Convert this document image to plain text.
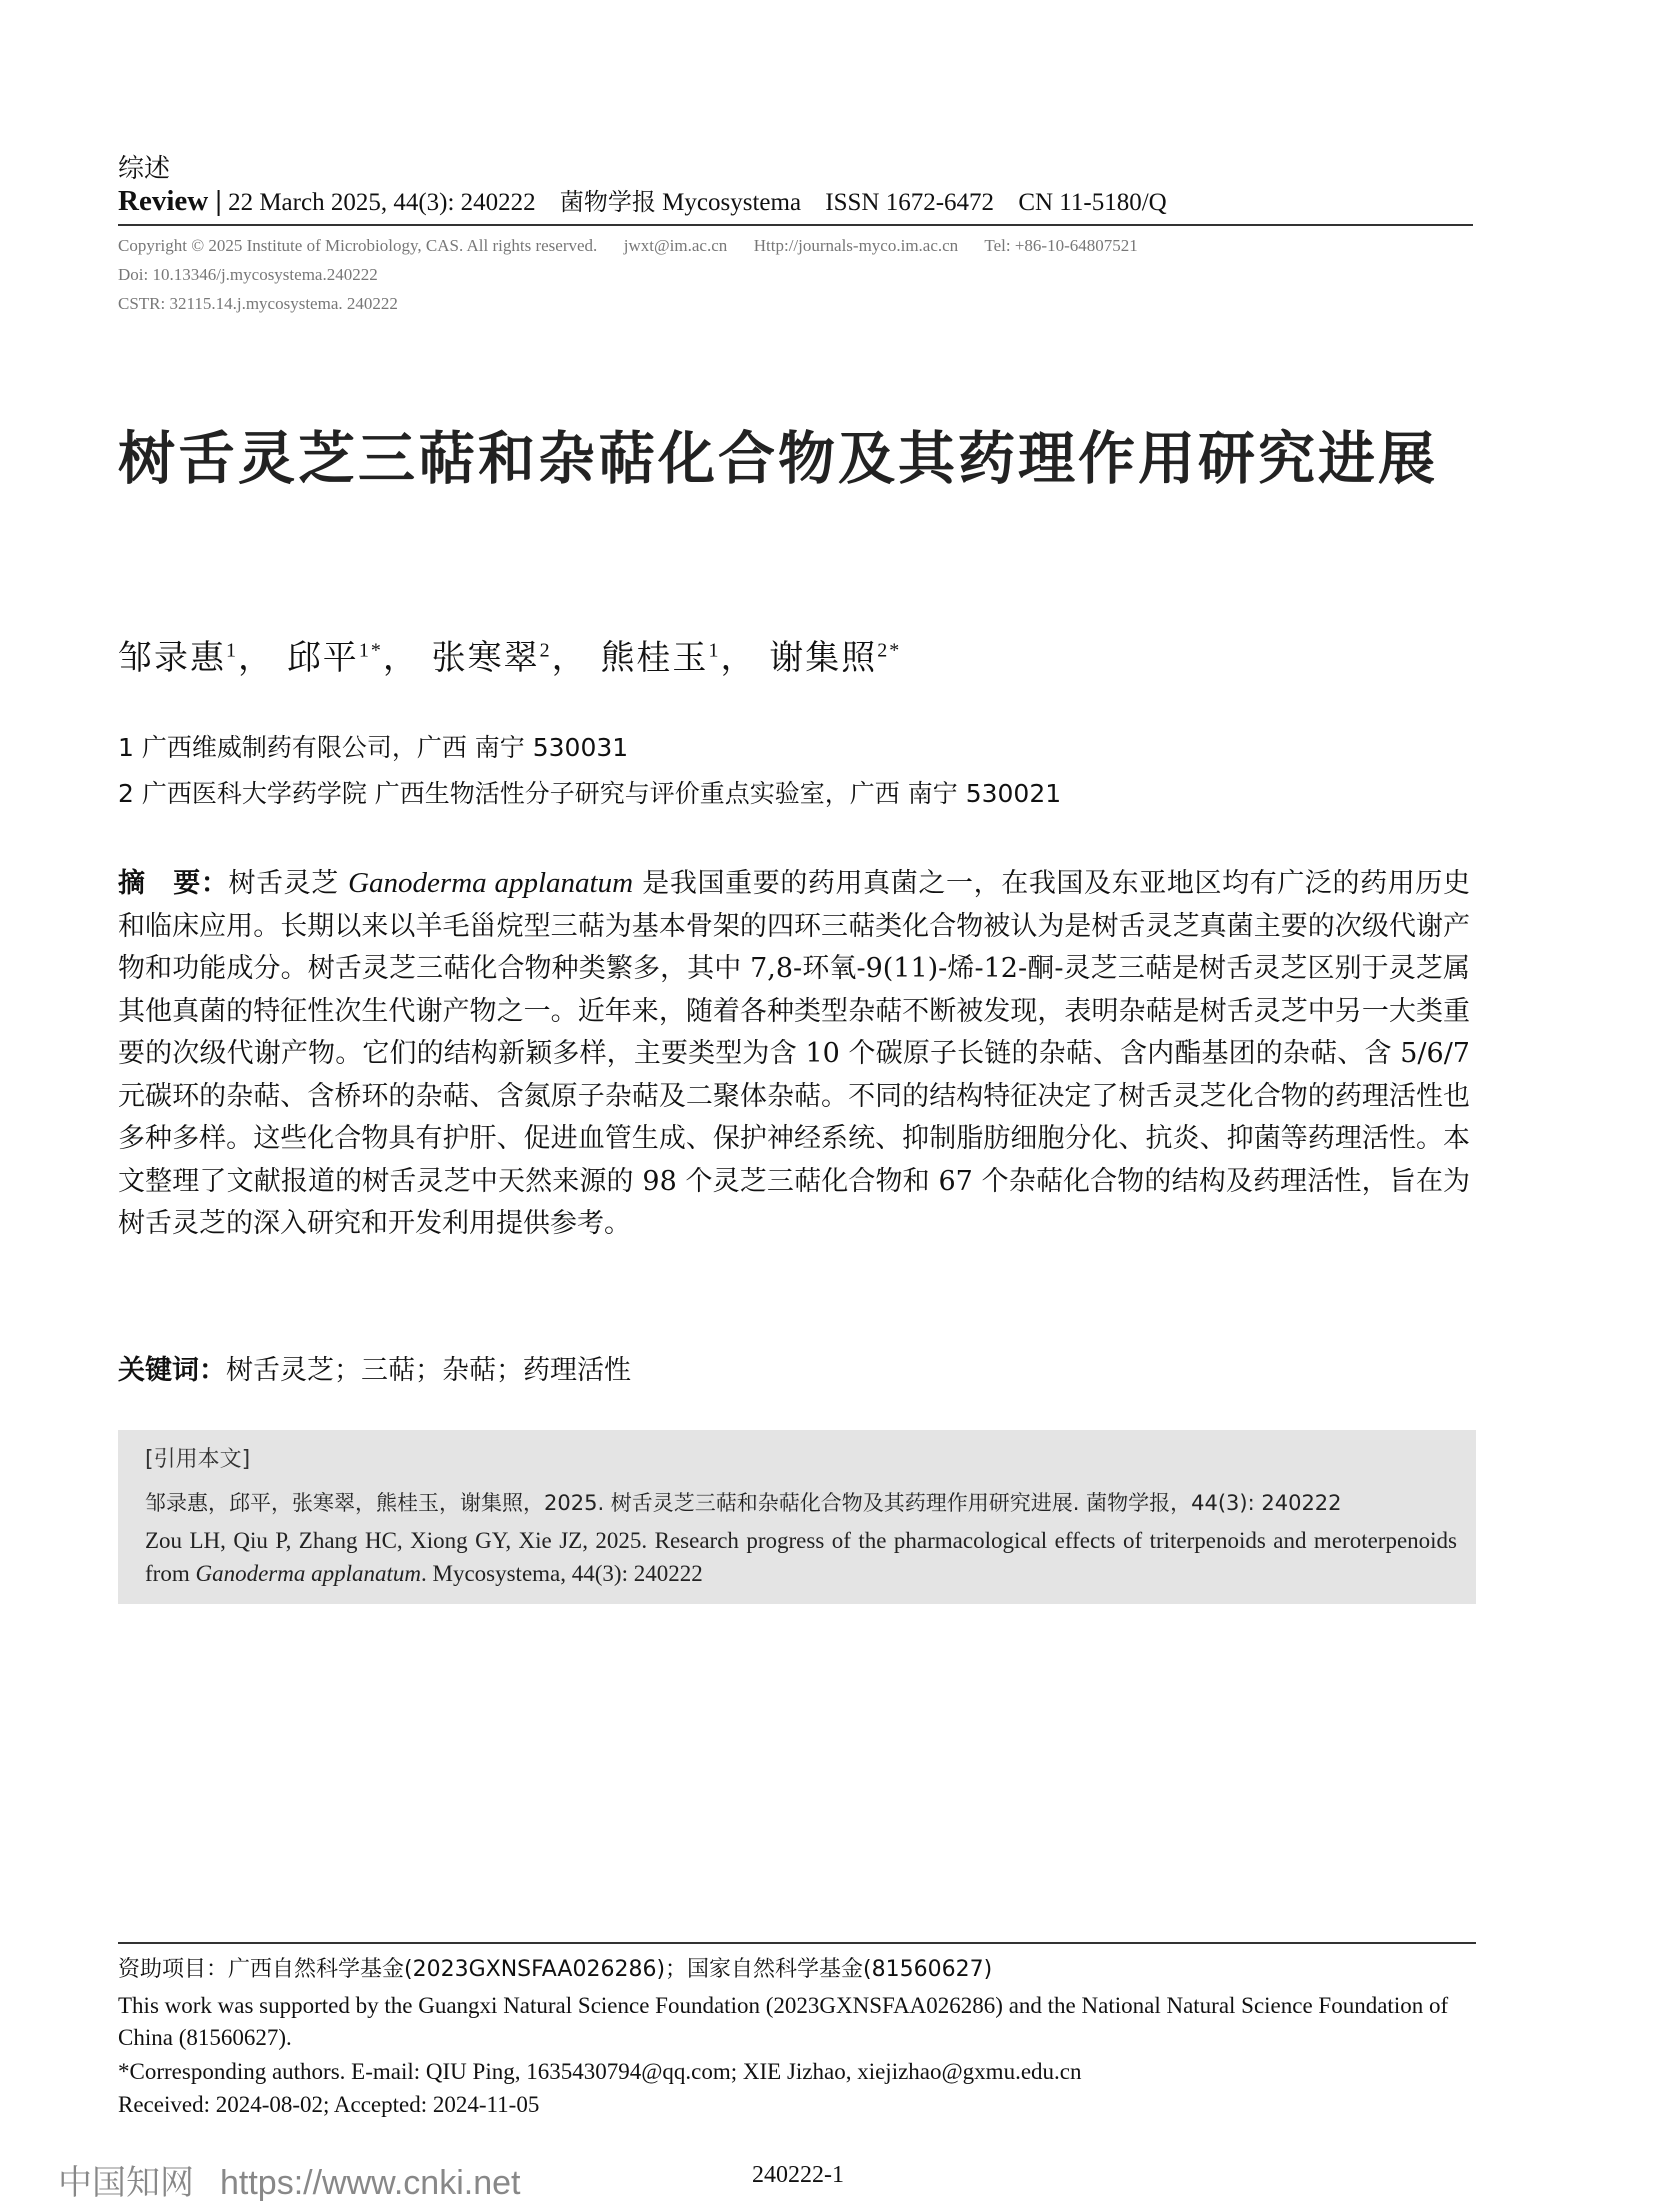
综述
Review | 22 March 2025, 44(3): 240222 菌物学报 Mycosystema ISSN 1672-6472 CN 11-5180/Q
Copyright © 2025 Institute of Microbiology, CAS. All rights reserved. jwxt@im.ac.cn Http://journals-myco.im.ac.cn Tel: +86-10-64807521
Doi: 10.13346/j.mycosystema.240222
CSTR: 32115.14.j.mycosystema. 240222
树舌灵芝三萜和杂萜化合物及其药理作用研究进展
邹录惠$^1$， 邱平$^{1*}$， 张寒翠$^2$， 熊桂玉$^1$， 谢集照$^{2*}$
1 广西维威制药有限公司，广西 南宁 530031
2 广西医科大学药学院 广西生物活性分子研究与评价重点实验室，广西 南宁 530021
摘　要：树舌灵芝 Ganoderma applanatum 是我国重要的药用真菌之一，在我国及东亚地区均有广泛的药用历史和临床应用。长期以来以羊毛甾烷型三萜为基本骨架的四环三萜类化合物被认为是树舌灵芝真菌主要的次级代谢产物和功能成分。树舌灵芝三萜化合物种类繁多，其中 7,8-环氧-9(11)-烯-12-酮-灵芝三萜是树舌灵芝区别于灵芝属其他真菌的特征性次生代谢产物之一。近年来，随着各种类型杂萜不断被发现，表明杂萜是树舌灵芝中另一大类重要的次级代谢产物。它们的结构新颖多样，主要类型为含 10 个碳原子长链的杂萜、含内酯基团的杂萜、含 5/6/7 元碳环的杂萜、含桥环的杂萜、含氮原子杂萜及二聚体杂萜。不同的结构特征决定了树舌灵芝化合物的药理活性也多种多样。这些化合物具有护肝、促进血管生成、保护神经系统、抑制脂肪细胞分化、抗炎、抑菌等药理活性。本文整理了文献报道的树舌灵芝中天然来源的 98 个灵芝三萜化合物和 67 个杂萜化合物的结构及药理活性，旨在为树舌灵芝的深入研究和开发利用提供参考。
关键词：树舌灵芝；三萜；杂萜；药理活性
[引用本文]
邹录惠，邱平，张寒翠，熊桂玉，谢集照，2025. 树舌灵芝三萜和杂萜化合物及其药理作用研究进展. 菌物学报，44(3): 240222
Zou LH, Qiu P, Zhang HC, Xiong GY, Xie JZ, 2025. Research progress of the pharmacological effects of triterpenoids and meroterpenoids from Ganoderma applanatum. Mycosystema, 44(3): 240222
资助项目：广西自然科学基金(2023GXNSFAA026286)；国家自然科学基金(81560627)
This work was supported by the Guangxi Natural Science Foundation (2023GXNSFAA026286) and the National Natural Science Foundation of China (81560627).
*Corresponding authors. E-mail: QIU Ping, 1635430794@qq.com; XIE Jizhao, xiejizhao@gxmu.edu.cn
Received: 2024-08-02; Accepted: 2024-11-05
中国知网 https://www.cnki.net	240222-1
